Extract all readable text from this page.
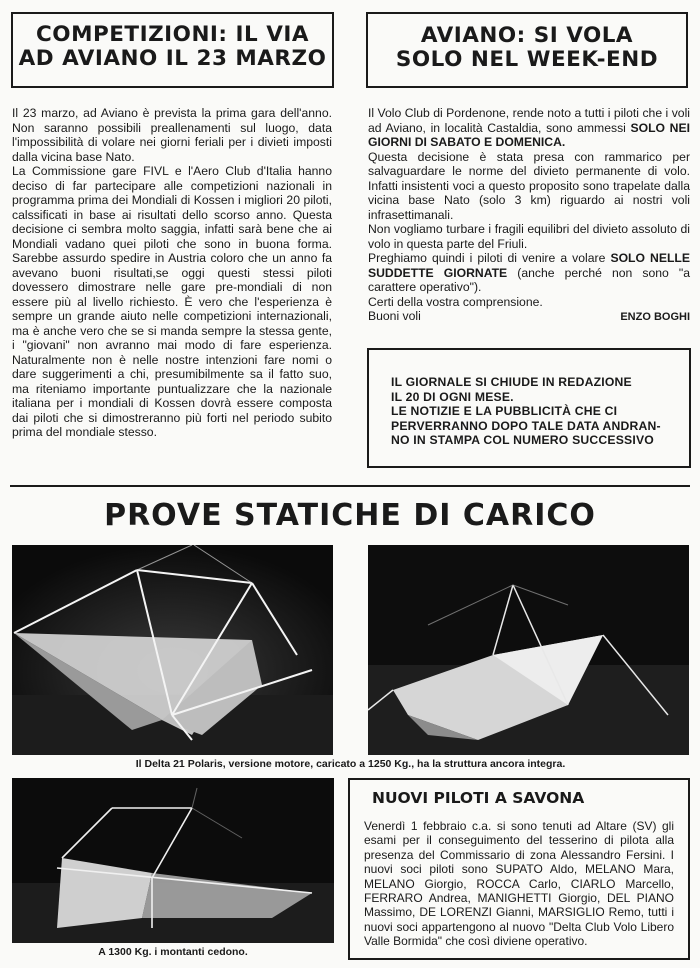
COMPETIZIONI: IL VIA
AD AVIANO IL 23 MARZO
AVIANO: SI VOLA
SOLO NEL WEEK-END

Il 23 marzo, ad Aviano è prevista la prima gara dell'anno. Non saranno possibili preallenamenti sul luogo, data l'impossibilità di volare nei giorni feriali per i divieti imposti dalla vicina base Nato.

La Commissione gare FIVL e l'Aero Club d'Italia hanno deciso di far partecipare alle competizioni nazionali in programma prima dei Mondiali di Kossen i migliori 20 piloti, calssificati in base ai risultati dello scorso anno. Questa decisione ci sembra molto saggia, infatti sarà bene che ai Mondiali vadano quei piloti che sono in buona forma. Sarebbe assurdo spedire in Austria coloro che un anno fa avevano buoni risultati,se oggi questi stessi piloti dovessero dimostrare nelle gare pre-mondiali di non essere più al livello richiesto. È vero che l'esperienza è sempre un grande aiuto nelle competizioni internazionali, ma è anche vero che se si manda sempre la stessa gente, i "giovani" non avranno mai modo di fare esperienza. Naturalmente non è nelle nostre intenzioni fare nomi o dare suggerimenti a chi, presumibilmente sa il fatto suo, ma riteniamo importante puntualizzare che la nazionale italiana per i mondiali di Kossen dovrà essere composta dai piloti che si dimostreranno più forti nel periodo subito prima del mondiale stesso.

Il Volo Club di Pordenone, rende noto a tutti i piloti che i voli ad Aviano, in località Castaldia, sono ammessi SOLO NEI GIORNI DI SABATO E DOMENICA.

Questa decisione è stata presa con rammarico per salvaguardare le norme del divieto permanente di volo. Infatti insistenti voci a questo proposito sono trapelate dalla vicina base Nato (solo 3 km) riguardo ai nostri voli infrasettimanali.

Non vogliamo turbare i fragili equilibri del divieto assoluto di volo in questa parte del Friuli.

Preghiamo quindi i piloti di venire a volare SOLO NELLE SUDDETTE GIORNATE (anche perché non sono "a carattere operativo").

Certi della vostra comprensione.

Buoni voli	ENZO BOGHI

IL GIORNALE SI CHIUDE IN REDAZIONE
IL 20 DI OGNI MESE.
LE NOTIZIE E LA PUBBLICITÀ CHE CI
PERVERRANNO DOPO TALE DATA ANDRAN-
NO IN STAMPA COL NUMERO SUCCESSIVO
PROVE STATICHE DI CARICO
Il Delta 21 Polaris, versione motore, caricato a 1250 Kg., ha la struttura ancora integra.
A 1300 Kg. i montanti cedono.
NUOVI PILOTI A SAVONA
Venerdì 1 febbraio c.a. si sono tenuti ad Altare (SV) gli esami per il conseguimento del tesserino di pilota alla presenza del Commissario di zona Alessandro Fersini. I nuovi soci piloti sono SUPATO Aldo, MELANO Mara, MELANO Giorgio, ROCCA Carlo, CIARLO Marcello, FERRARO Andrea, MANIGHETTI Giorgio, DEL PIANO Massimo, DE LORENZI Gianni, MARSIGLIO Remo, tutti i nuovi soci appartengono al nuovo "Delta Club Volo Libero Valle Bormida" che così diviene operativo.
